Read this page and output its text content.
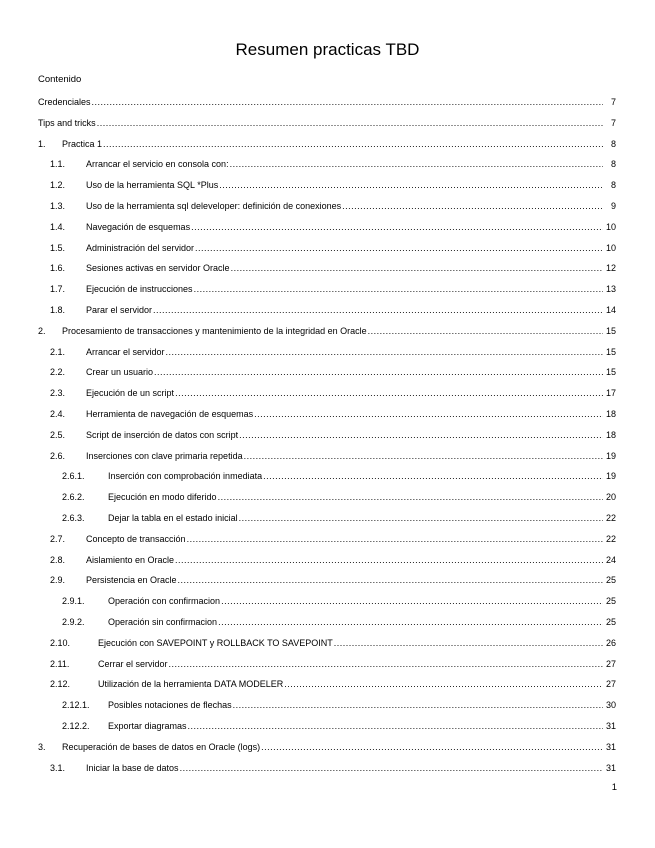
Resumen practicas TBD
Contenido
Credenciales .....	7
Tips and tricks .....	7
1.	Practica 1 .....	8
1.1.	Arrancar el servicio en consola con: .....	8
1.2.	Uso de la herramienta SQL *Plus .....	8
1.3.	Uso de la herramienta sql deleveloper: definición de conexiones .....	9
1.4.	Navegación de esquemas .....	10
1.5.	Administración del servidor .....	10
1.6.	Sesiones activas en servidor Oracle .....	12
1.7.	Ejecución de instrucciones .....	13
1.8.	Parar el servidor .....	14
2.	Procesamiento de transacciones y mantenimiento de la integridad en Oracle .....	15
2.1.	Arrancar el servidor .....	15
2.2.	Crear un usuario .....	15
2.3.	Ejecución de un script .....	17
2.4.	Herramienta de navegación de esquemas .....	18
2.5.	Script de inserción de datos con script .....	18
2.6.	Inserciones con clave primaria repetida .....	19
2.6.1.	Inserción con comprobación inmediata .....	19
2.6.2.	Ejecución en modo diferido .....	20
2.6.3.	Dejar la tabla en el estado inicial .....	22
2.7.	Concepto de transacción .....	22
2.8.	Aislamiento en Oracle .....	24
2.9.	Persistencia en Oracle .....	25
2.9.1.	Operación con confirmacion .....	25
2.9.2.	Operación sin confirmacion .....	25
2.10.	Ejecución con SAVEPOINT y ROLLBACK TO SAVEPOINT .....	26
2.11.	Cerrar el servidor .....	27
2.12.	Utilización de la herramienta DATA MODELER .....	27
2.12.1.	Posibles notaciones de flechas .....	30
2.12.2.	Exportar diagramas .....	31
3.	Recuperación de bases de datos en Oracle (logs) .....	31
3.1.	Iniciar la base de datos .....	31
1
